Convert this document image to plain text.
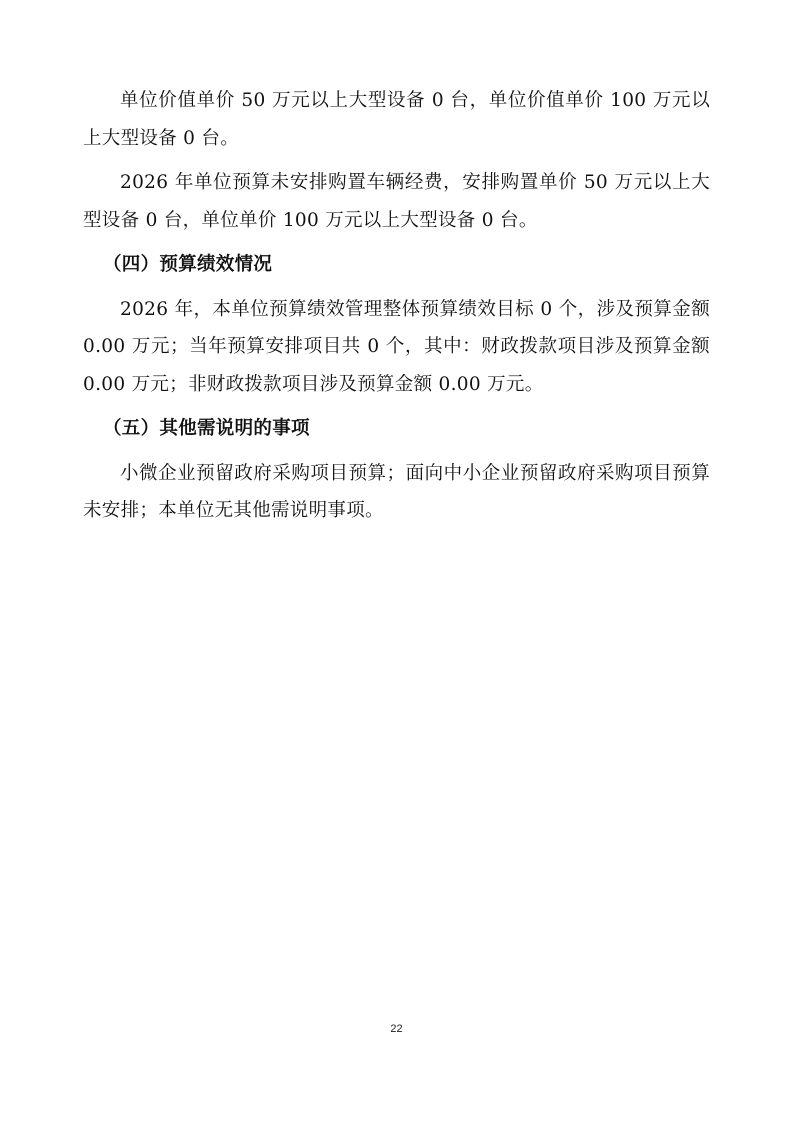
单位价值单价 50 万元以上大型设备 0 台，单位价值单价 100 万元以上大型设备 0 台。

2026 年单位预算未安排购置车辆经费，安排购置单价 50 万元以上大型设备 0 台，单位单价 100 万元以上大型设备 0 台。

（四）预算绩效情况

2026 年，本单位预算绩效管理整体预算绩效目标 0 个，涉及预算金额 0.00 万元；当年预算安排项目共 0 个，其中：财政拨款项目涉及预算金额 0.00 万元；非财政拨款项目涉及预算金额 0.00 万元。

（五）其他需说明的事项

小微企业预留政府采购项目预算；面向中小企业预留政府采购项目预算未安排；本单位无其他需说明事项。

22
